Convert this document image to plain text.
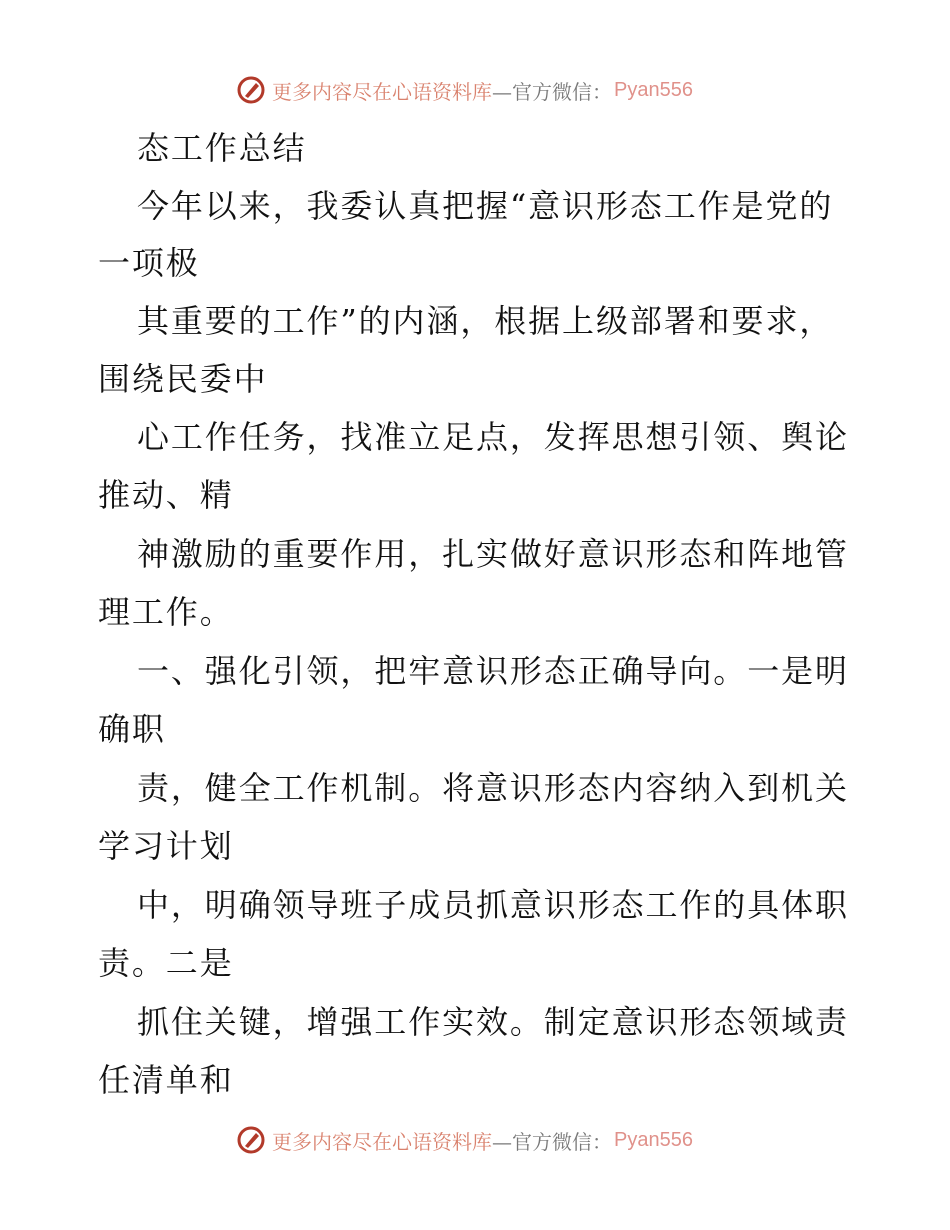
更多内容尽在心语资料库 —官方微信： Pyan556
态工作总结
今年以来，我委认真把握“意识形态工作是党的
一项极
其重要的工作”的内涵，根据上级部署和要求，
围绕民委中
心工作任务，找准立足点，发挥思想引领、舆论
推动、精
神激励的重要作用，扎实做好意识形态和阵地管
理工作。
一、强化引领，把牢意识形态正确导向。一是明
确职
责，健全工作机制。将意识形态内容纳入到机关
学习计划
中，明确领导班子成员抓意识形态工作的具体职
责。二是
抓住关键，增强工作实效。制定意识形态领域责
任清单和
更多内容尽在心语资料库 —官方微信： Pyan556
